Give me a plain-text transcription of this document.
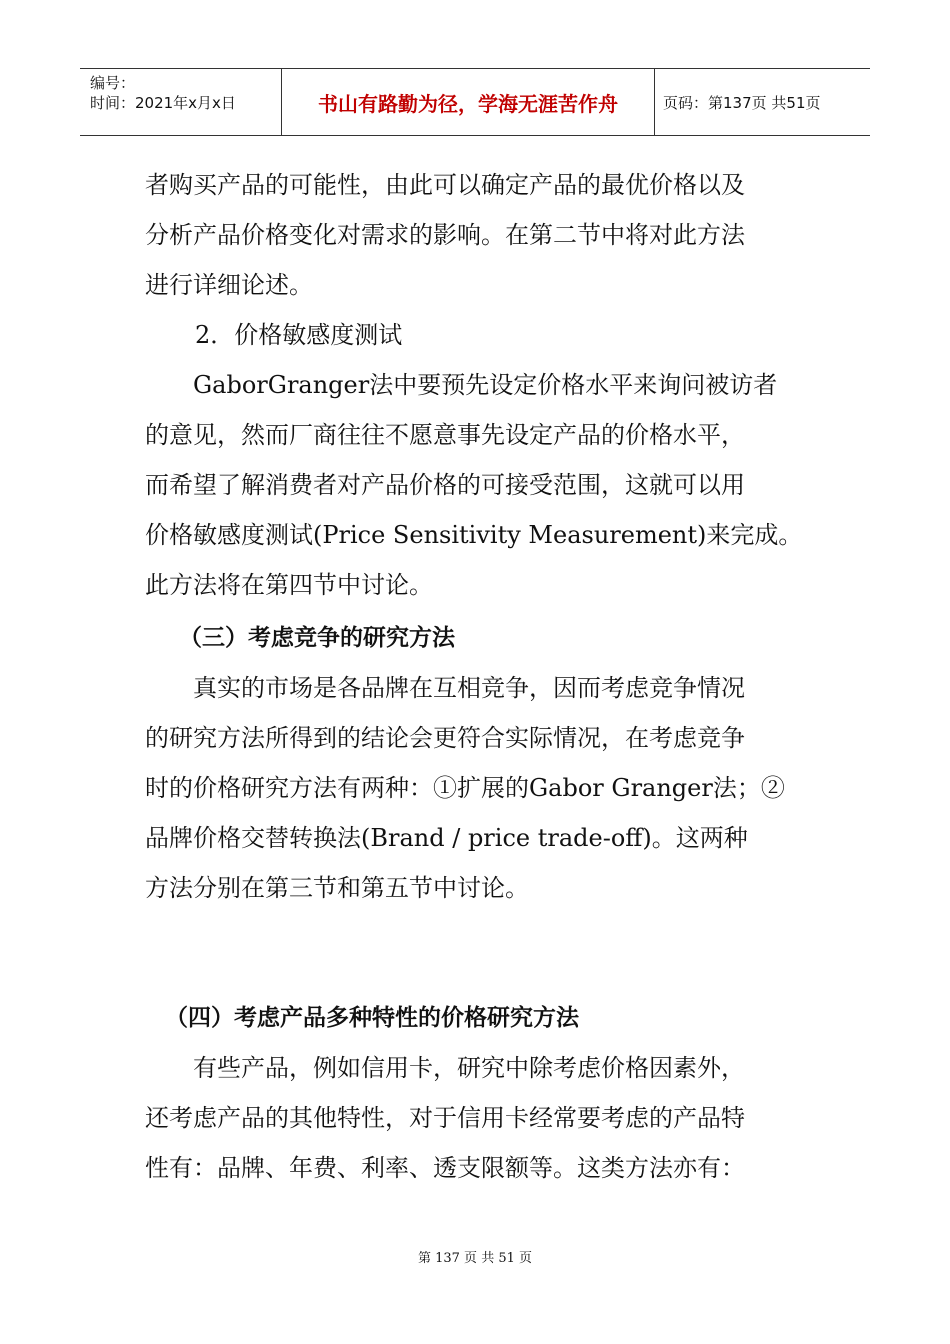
编号：
时间：2021年x月x日	书山有路勤为径，学海无涯苦作舟	页码：第137页 共51页

者购买产品的可能性，由此可以确定产品的最优价格以及

分析产品价格变化对需求的影响。在第二节中将对此方法

进行详细论述。

2．价格敏感度测试

GaborGranger法中要预先设定价格水平来询问被访者

的意见，然而厂商往往不愿意事先设定产品的价格水平，

而希望了解消费者对产品价格的可接受范围，这就可以用

价格敏感度测试(Price Sensitivity Measurement)来完成。

此方法将在第四节中讨论。

（三）考虑竞争的研究方法

真实的市场是各品牌在互相竞争，因而考虑竞争情况

的研究方法所得到的结论会更符合实际情况，在考虑竞争

时的价格研究方法有两种：①扩展的Gabor Granger法；②

品牌价格交替转换法(Brand / price trade-off)。这两种

方法分别在第三节和第五节中讨论。

（四）考虑产品多种特性的价格研究方法

有些产品，例如信用卡，研究中除考虑价格因素外，

还考虑产品的其他特性，对于信用卡经常要考虑的产品特

性有：品牌、年费、利率、透支限额等。这类方法亦有：

第 137 页 共 51 页
